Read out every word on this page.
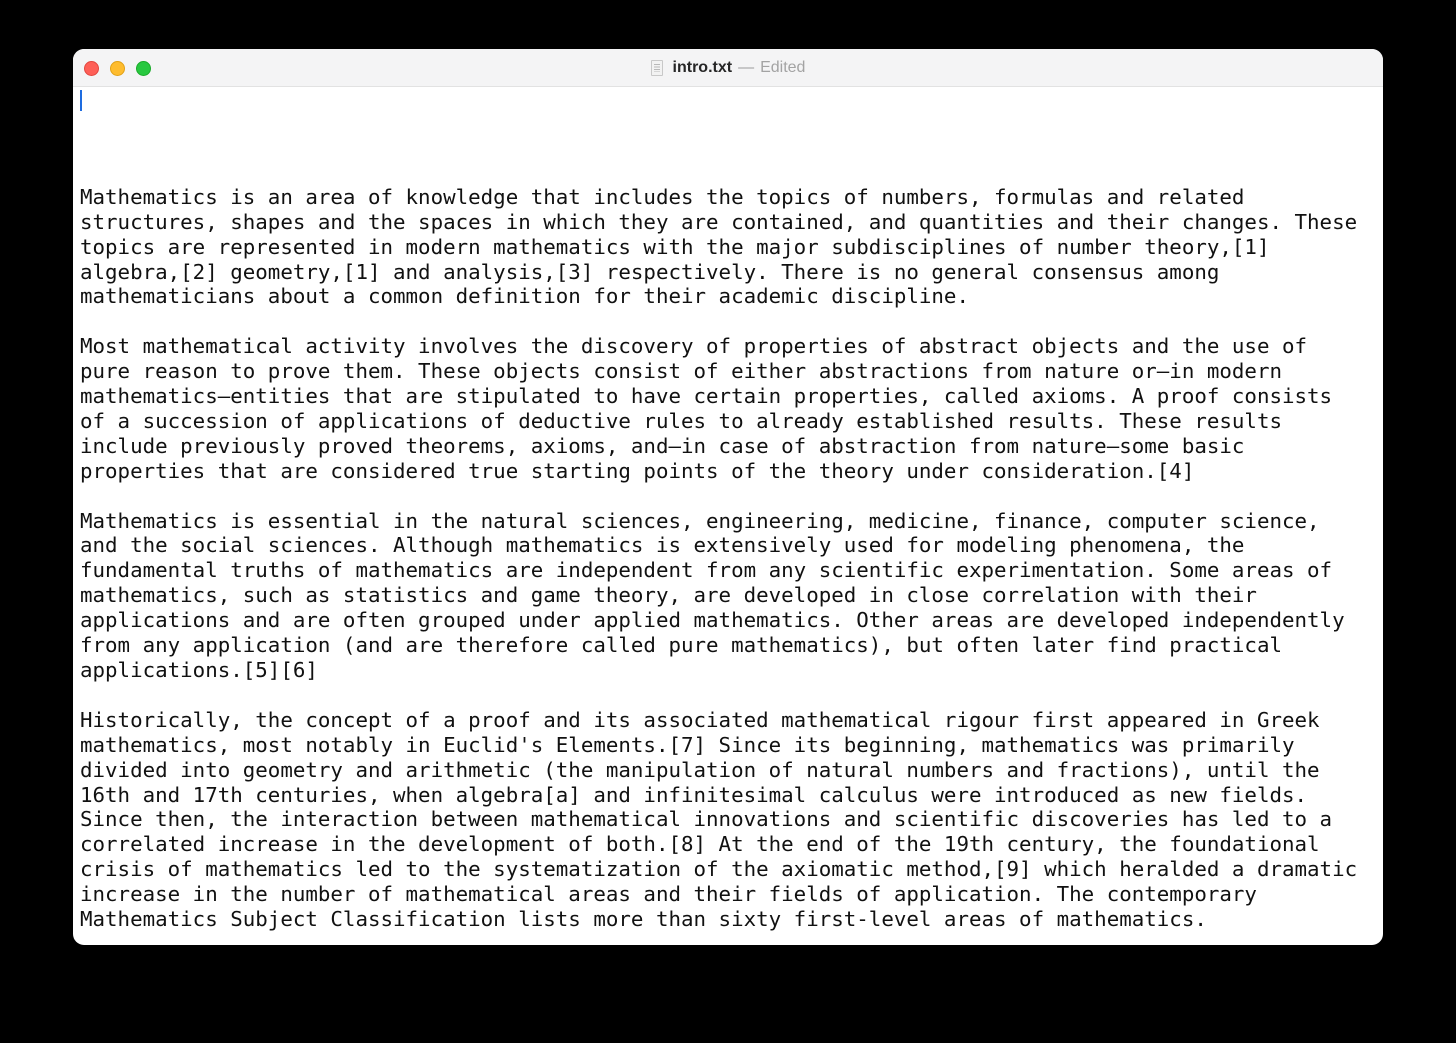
intro.txt — Edited

Mathematics is an area of knowledge that includes the topics of numbers, formulas and related
structures, shapes and the spaces in which they are contained, and quantities and their changes. These
topics are represented in modern mathematics with the major subdisciplines of number theory,[1]
algebra,[2] geometry,[1] and analysis,[3] respectively. There is no general consensus among
mathematicians about a common definition for their academic discipline.
Most mathematical activity involves the discovery of properties of abstract objects and the use of
pure reason to prove them. These objects consist of either abstractions from nature or—in modern
mathematics—entities that are stipulated to have certain properties, called axioms. A proof consists
of a succession of applications of deductive rules to already established results. These results
include previously proved theorems, axioms, and—in case of abstraction from nature—some basic
properties that are considered true starting points of the theory under consideration.[4]
Mathematics is essential in the natural sciences, engineering, medicine, finance, computer science,
and the social sciences. Although mathematics is extensively used for modeling phenomena, the
fundamental truths of mathematics are independent from any scientific experimentation. Some areas of
mathematics, such as statistics and game theory, are developed in close correlation with their
applications and are often grouped under applied mathematics. Other areas are developed independently
from any application (and are therefore called pure mathematics), but often later find practical
applications.[5][6]
Historically, the concept of a proof and its associated mathematical rigour first appeared in Greek
mathematics, most notably in Euclid's Elements.[7] Since its beginning, mathematics was primarily
divided into geometry and arithmetic (the manipulation of natural numbers and fractions), until the
16th and 17th centuries, when algebra[a] and infinitesimal calculus were introduced as new fields.
Since then, the interaction between mathematical innovations and scientific discoveries has led to a
correlated increase in the development of both.[8] At the end of the 19th century, the foundational
crisis of mathematics led to the systematization of the axiomatic method,[9] which heralded a dramatic
increase in the number of mathematical areas and their fields of application. The contemporary
Mathematics Subject Classification lists more than sixty first-level areas of mathematics.
